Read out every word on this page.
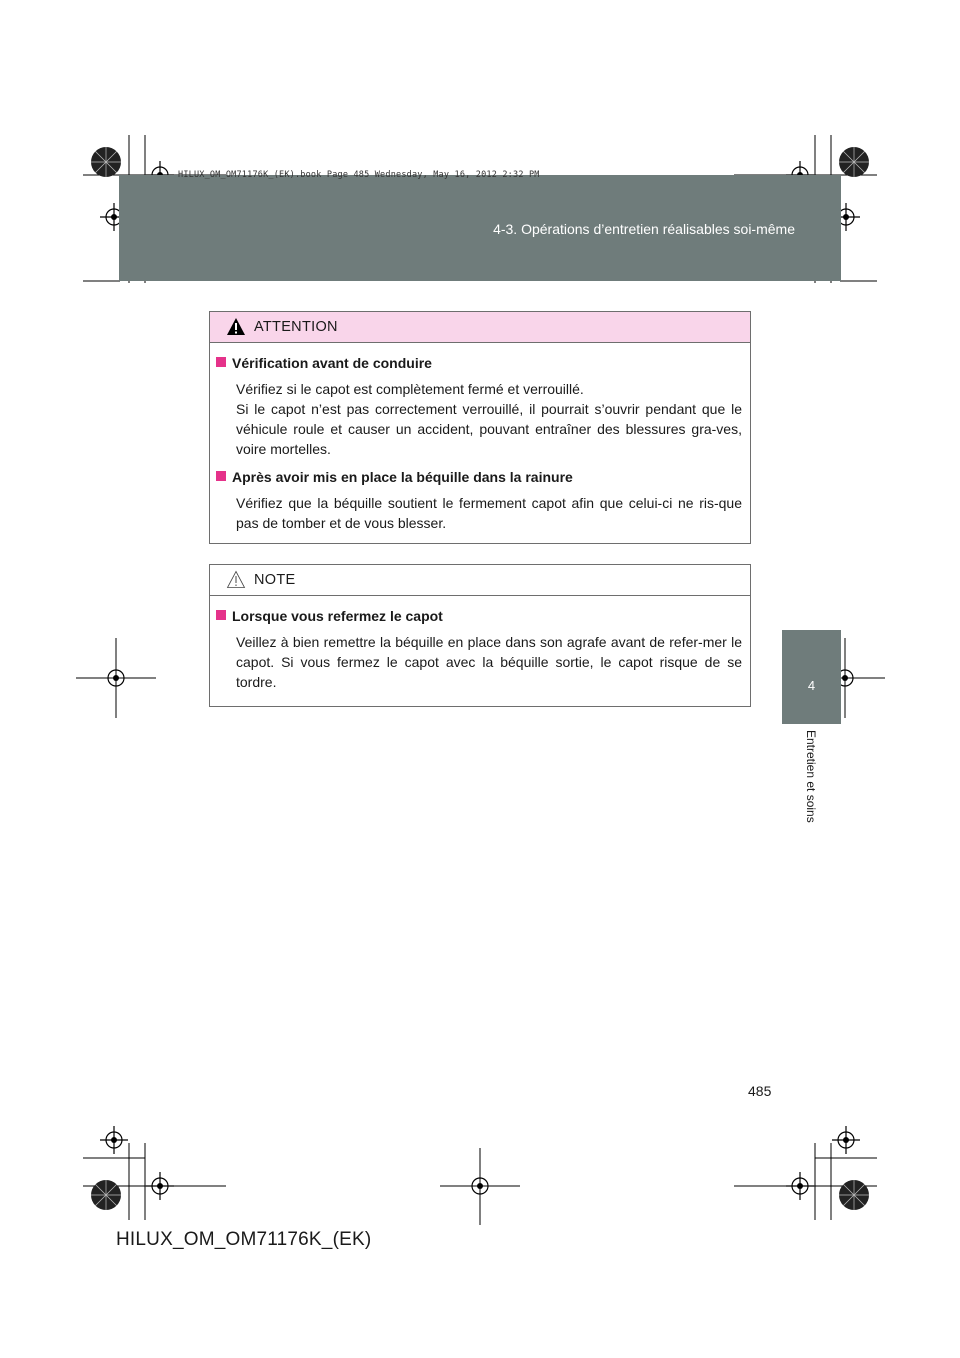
4-3. Opérations d’entretien réalisables soi-même
HILUX_OM_OM71176K_(EK).book Page 485 Wednesday, May 16, 2012 2:32 PM
4
Entretien et soins
ATTENTION
Vérification avant de conduire

Vérifiez si le capot est complètement fermé et verrouillé.

Si le capot n’est pas correctement verrouillé, il pourrait s’ouvrir pendant que le véhicule roule et causer un accident, pouvant entraîner des blessures gra-ves, voire mortelles.

Après avoir mis en place la béquille dans la rainure

Vérifiez que la béquille soutient le fermement capot afin que celui-ci ne ris-que pas de tomber et de vous blesser.

NOTE
Lorsque vous refermez le capot

Veillez à bien remettre la béquille en place dans son agrafe avant de refer-mer le capot. Si vous fermez le capot avec la béquille sortie, le capot risque de se tordre.

485
HILUX_OM_OM71176K_(EK)
